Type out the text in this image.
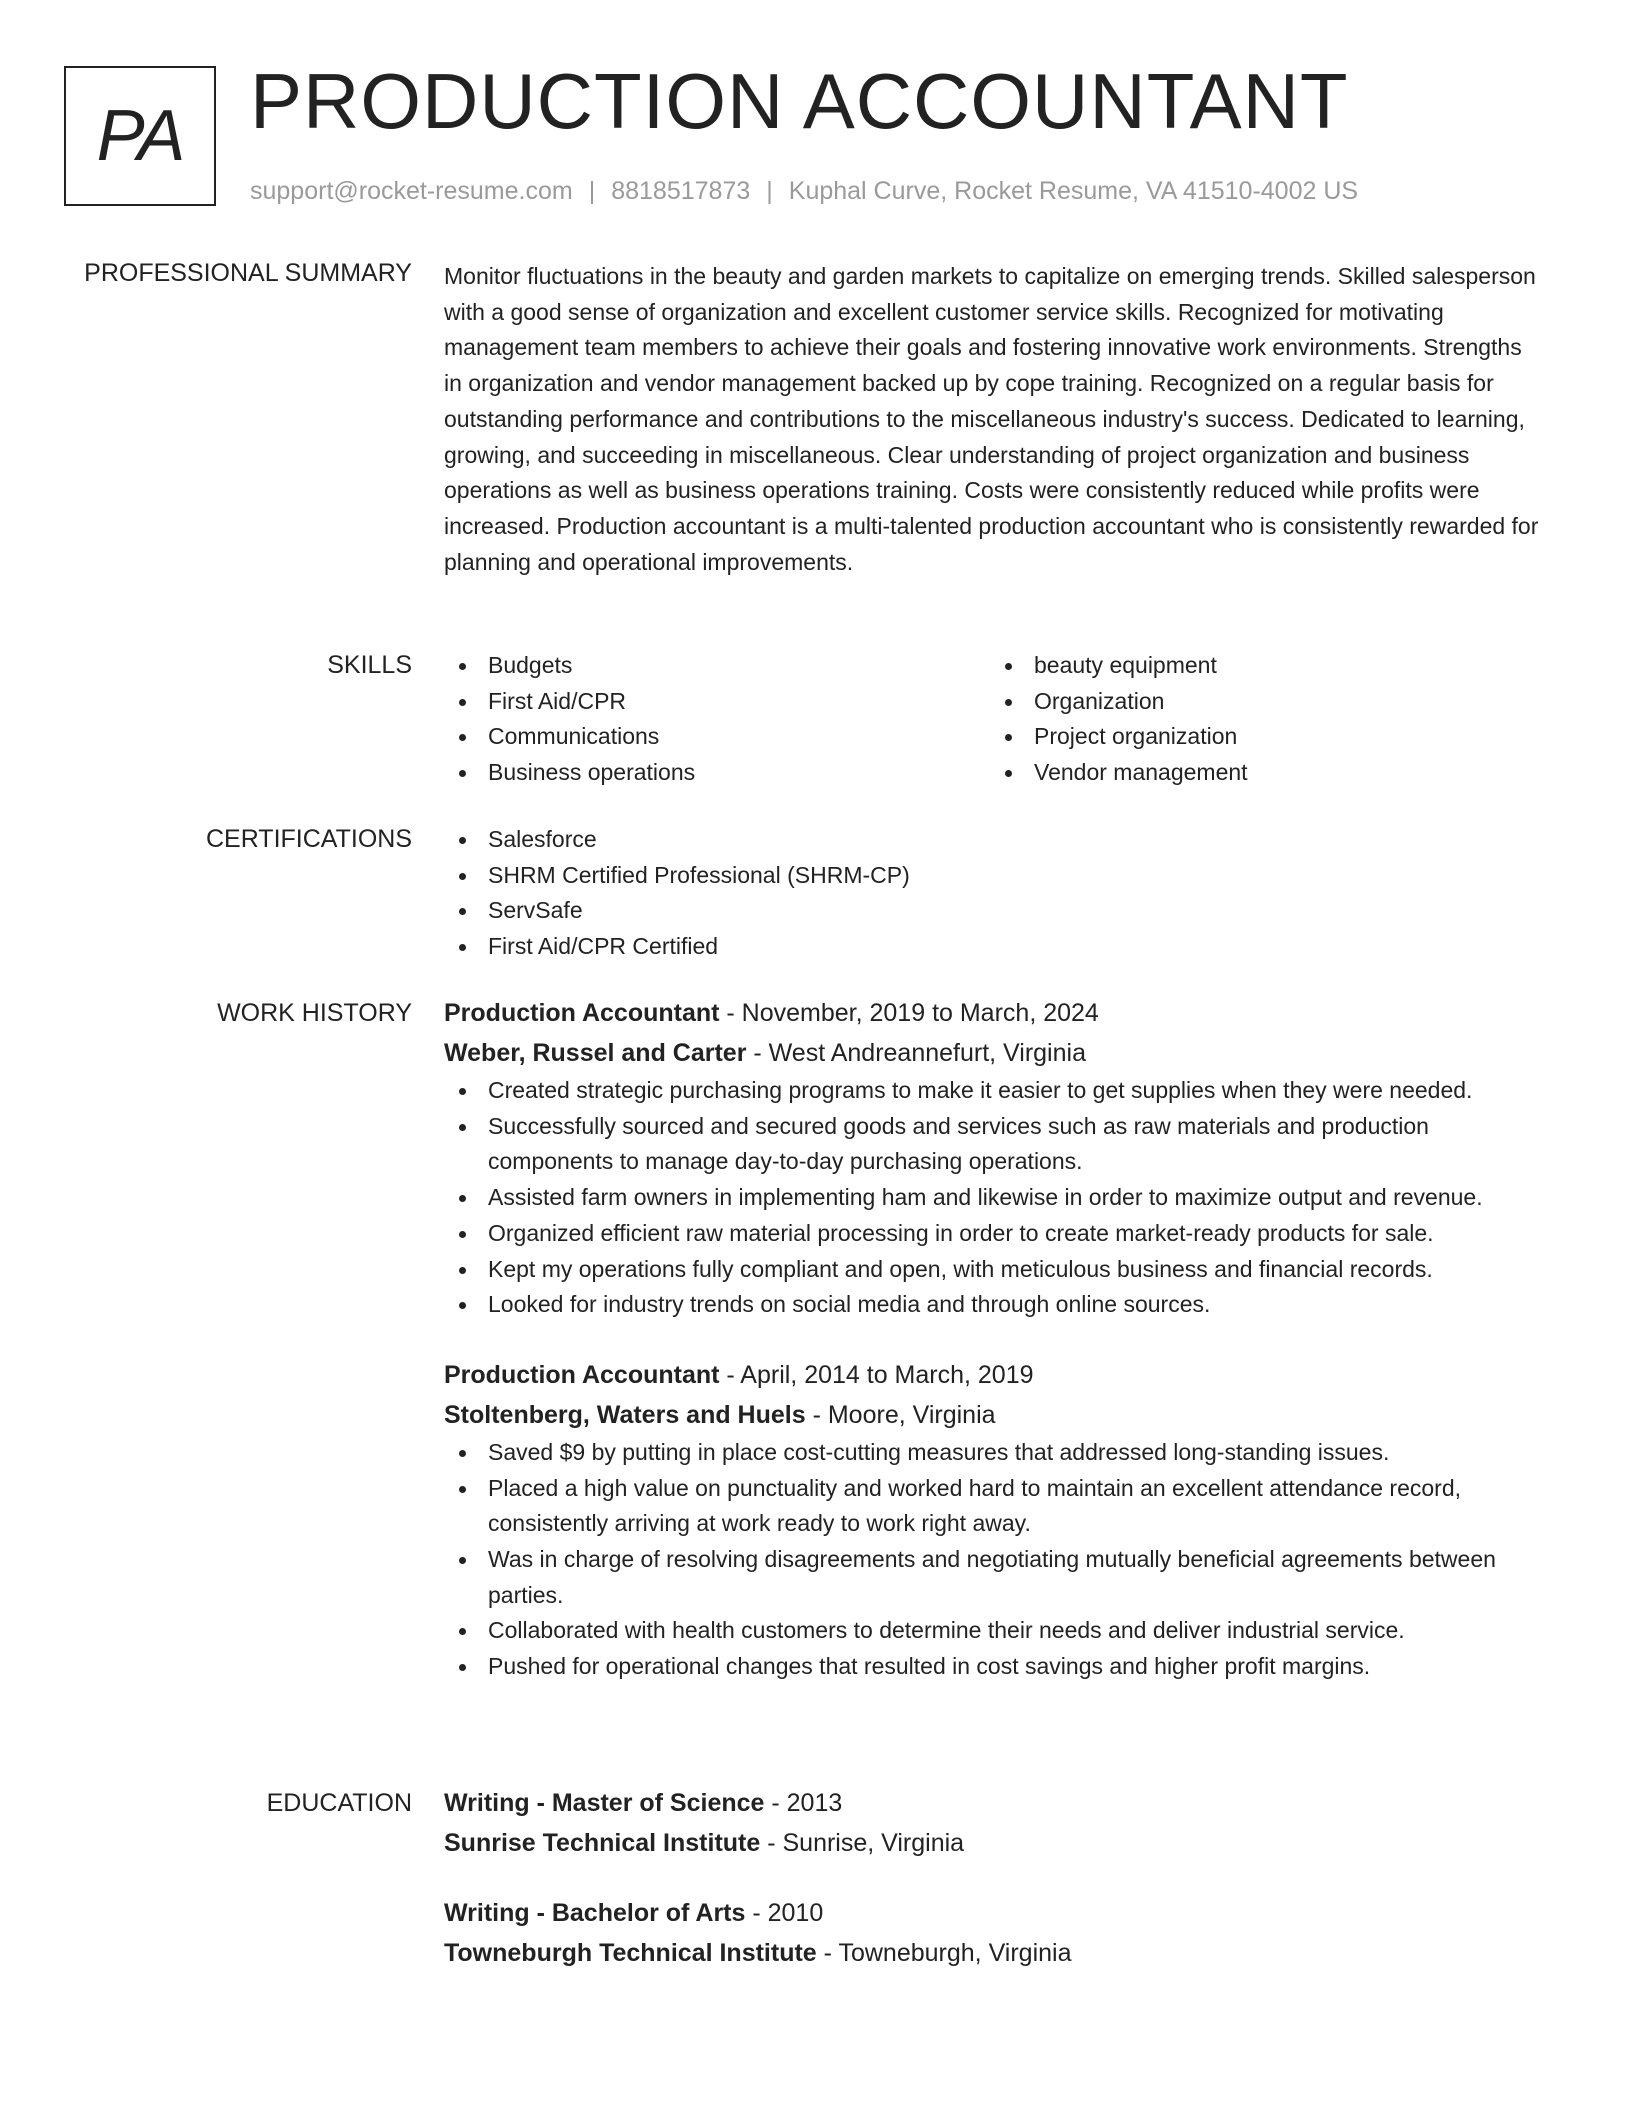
PA PRODUCTION ACCOUNTANT
support@rocket-resume.com | 8818517873 | Kuphal Curve, Rocket Resume, VA 41510-4002 US
PROFESSIONAL SUMMARY Monitor fluctuations in the beauty and garden markets to capitalize on emerging trends. Skilled salesperson with a good sense of organization and excellent customer service skills. Recognized for motivating management team members to achieve their goals and fostering innovative work environments. Strengths in organization and vendor management backed up by cope training. Recognized on a regular basis for outstanding performance and contributions to the miscellaneous industry's success. Dedicated to learning, growing, and succeeding in miscellaneous. Clear understanding of project organization and business operations as well as business operations training. Costs were consistently reduced while profits were increased. Production accountant is a multi-talented production accountant who is consistently rewarded for planning and operational improvements.

SKILLS	Budgets
First Aid/CPR
Communications
Business operations
beauty equipment
Organization
Project organization
Vendor management
CERTIFICATIONS	Salesforce
SHRM Certified Professional (SHRM-CP)
ServSafe
First Aid/CPR Certified
WORK HISTORY Production Accountant - November, 2019 to March, 2024
Weber, Russel and Carter - West Andreannefurt, Virginia
Created strategic purchasing programs to make it easier to get supplies when they were needed.
Successfully sourced and secured goods and services such as raw materials and production components to manage day-to-day purchasing operations.
Assisted farm owners in implementing ham and likewise in order to maximize output and revenue.
Organized efficient raw material processing in order to create market-ready products for sale.
Kept my operations fully compliant and open, with meticulous business and financial records.
Looked for industry trends on social media and through online sources.
Production Accountant - April, 2014 to March, 2019
Stoltenberg, Waters and Huels - Moore, Virginia
Saved $9 by putting in place cost-cutting measures that addressed long-standing issues.
Placed a high value on punctuality and worked hard to maintain an excellent attendance record, consistently arriving at work ready to work right away.
Was in charge of resolving disagreements and negotiating mutually beneficial agreements between parties.
Collaborated with health customers to determine their needs and deliver industrial service.
Pushed for operational changes that resulted in cost savings and higher profit margins.
EDUCATION Writing - Master of Science - 2013
Sunrise Technical Institute - Sunrise, Virginia
Writing - Bachelor of Arts - 2010
Towneburgh Technical Institute - Towneburgh, Virginia
